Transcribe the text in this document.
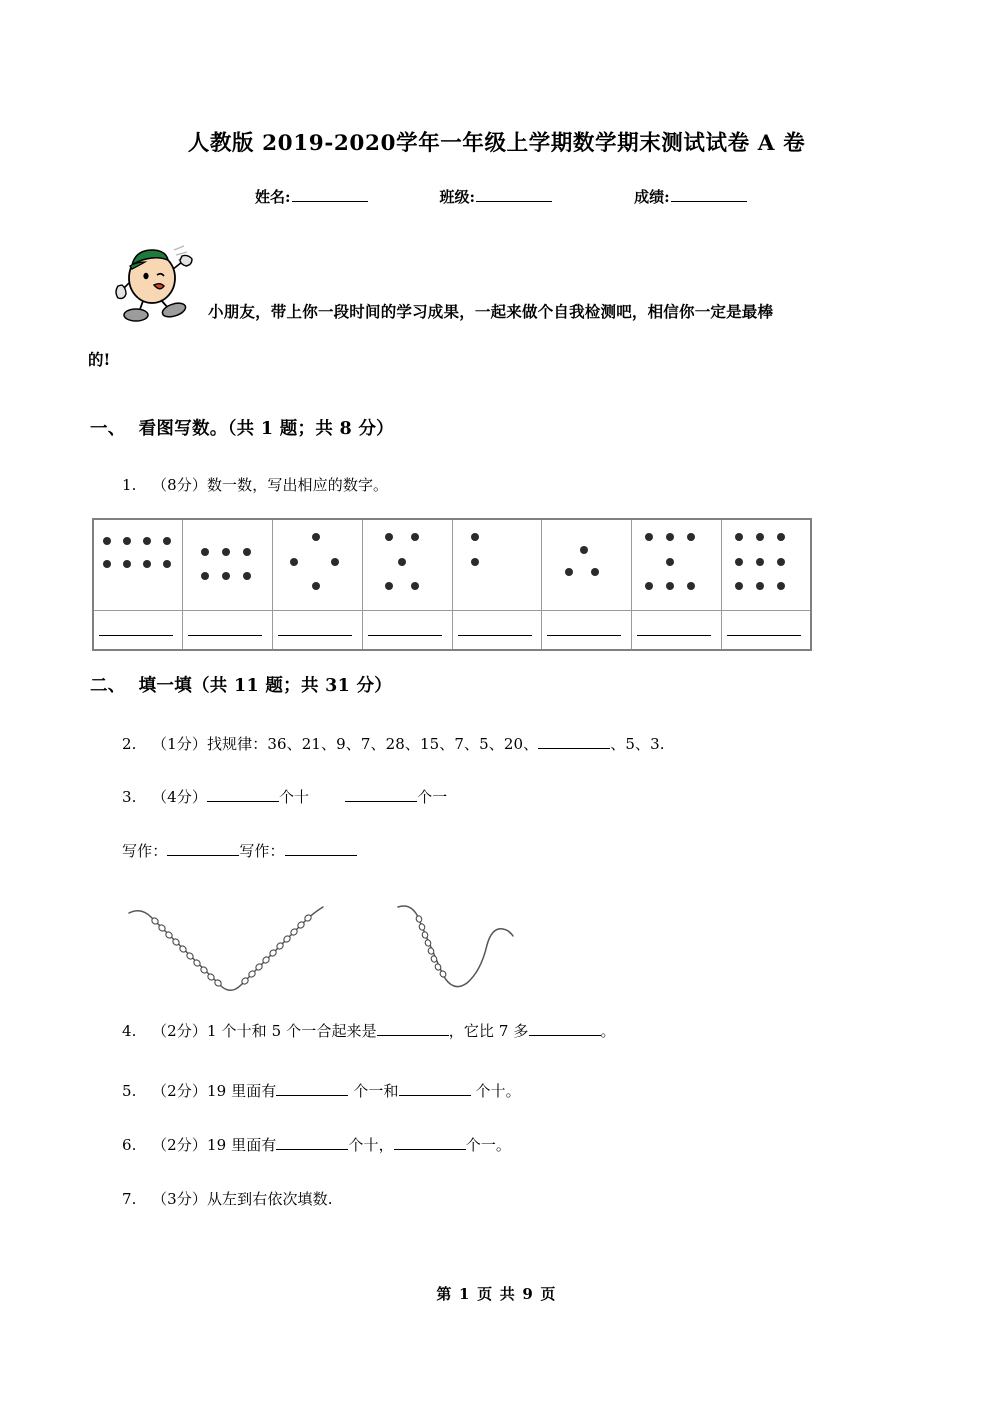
人教版 2019-2020学年一年级上学期数学期末测试试卷 A 卷
姓名:	班级:	成绩:
小朋友，带上你一段时间的学习成果，一起来做个自我检测吧，相信你一定是最棒
的!
一、 看图写数。（共 1 题；共 8 分）
1. （8分）数一数，写出相应的数字。

二、 填一填（共 11 题；共 31 分）
2. （1分）找规律：36、21、9、7、28、15、7、5、20、	、5、3.
3. （4分）	个十	个一
写作：	写作：
4. （2分）1 个十和 5 个一合起来是	，它比 7 多	。
5. （2分）19 里面有	个一和	个十。
6. （2分）19 里面有	个十，	个一。
7. （3分）从左到右依次填数.
第 1 页 共 9 页
